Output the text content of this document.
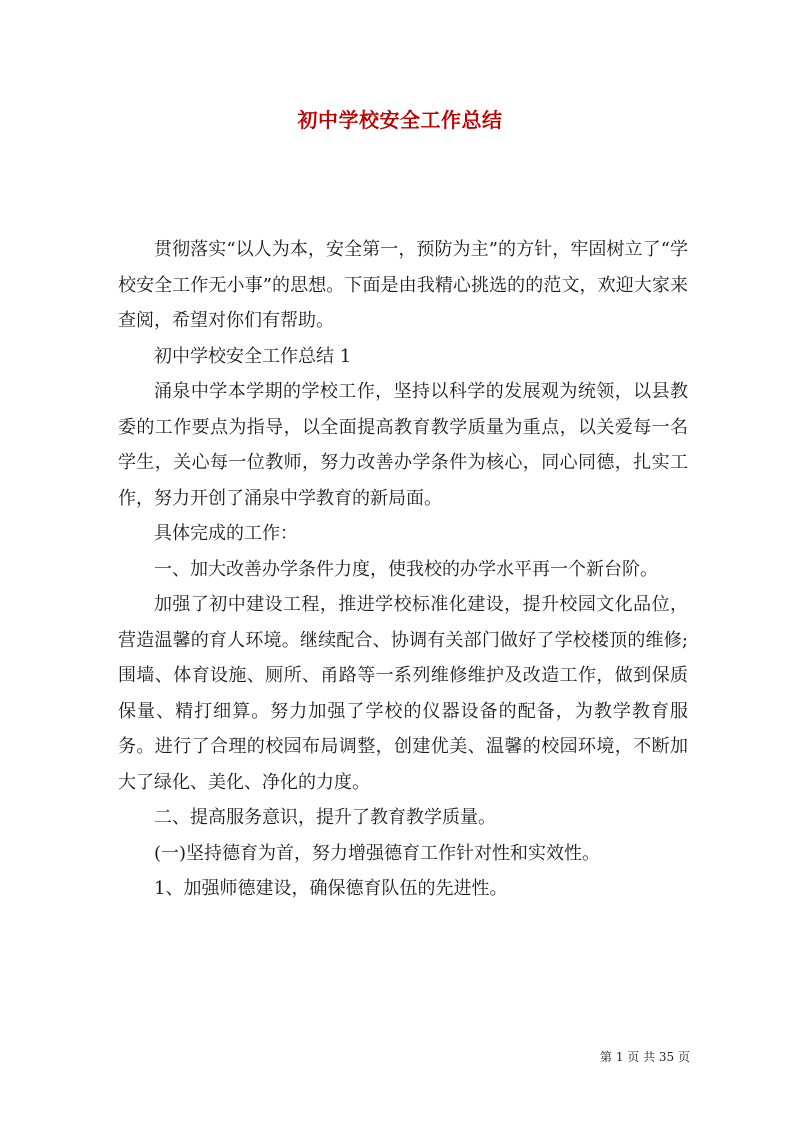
初中学校安全工作总结

贯彻落实“以人为本，安全第一，预防为主”的方针，牢固树立了“学校安全工作无小事”的思想。下面是由我精心挑选的的范文，欢迎大家来查阅，希望对你们有帮助。

初中学校安全工作总结 1

涌泉中学本学期的学校工作，坚持以科学的发展观为统领，以县教委的工作要点为指导，以全面提高教育教学质量为重点，以关爱每一名学生，关心每一位教师，努力改善办学条件为核心，同心同德，扎实工作，努力开创了涌泉中学教育的新局面。

具体完成的工作：

一、加大改善办学条件力度，使我校的办学水平再一个新台阶。

加强了初中建设工程，推进学校标准化建设，提升校园文化品位，营造温馨的育人环境。继续配合、协调有关部门做好了学校楼顶的维修;围墙、体育设施、厕所、甬路等一系列维修维护及改造工作，做到保质保量、精打细算。努力加强了学校的仪器设备的配备，为教学教育服务。进行了合理的校园布局调整，创建优美、温馨的校园环境，不断加大了绿化、美化、净化的力度。

二、提高服务意识，提升了教育教学质量。

(一)坚持德育为首，努力增强德育工作针对性和实效性。

1、加强师德建设，确保德育队伍的先进性。

第 1 页 共 35 页
